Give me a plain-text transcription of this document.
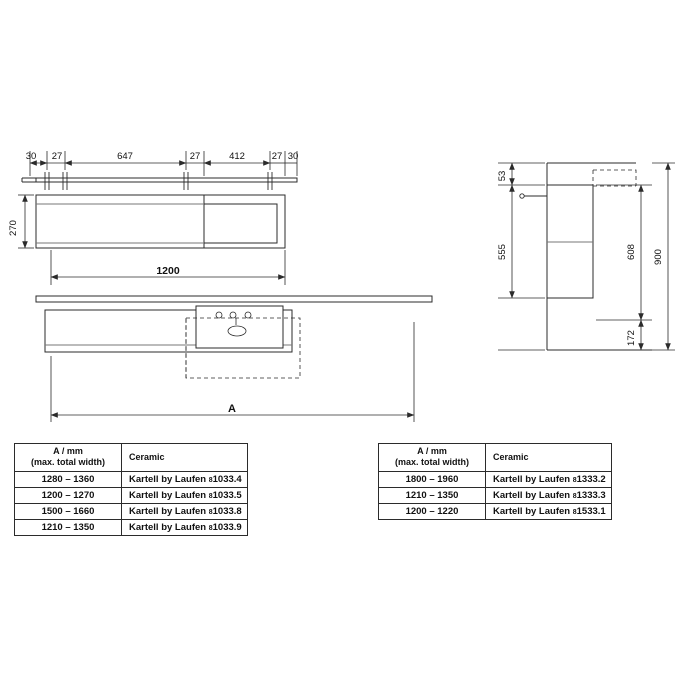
30 27	647	27	412	27 30
270
1200
A
53
555
172
608 900
A / mm
(max. total width)	Ceramic
1280 – 1360	Kartell by Laufen 81033.4
1200 – 1270	Kartell by Laufen 81033.5
1500 – 1660	Kartell by Laufen 81033.8
1210 – 1350	Kartell by Laufen 81033.9
A / mm
(max. total width)	Ceramic
1800 – 1960	Kartell by Laufen 81333.2
1210 – 1350	Kartell by Laufen 81333.3
1200 – 1220	Kartell by Laufen 81533.1
